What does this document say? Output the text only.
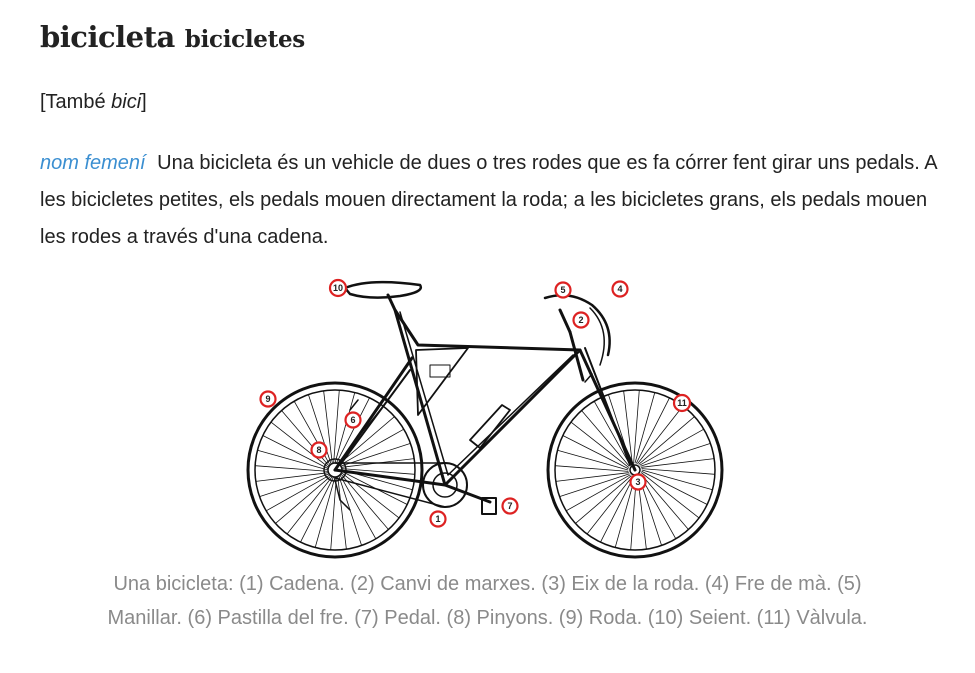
bicicleta bicicletes
[També bici]
nom femení Una bicicleta és un vehicle de dues o tres rodes que es fa córrer fent girar uns pedals. A les bicicletes petites, els pedals mouen directament la roda; a les bicicletes grans, els pedals mouen les rodes a través d'una cadena.
10	5	4
2
9
6
11
8
3
1
7
Una bicicleta: (1) Cadena. (2) Canvi de marxes. (3) Eix de la roda. (4) Fre de mà. (5) Manillar. (6) Pastilla del fre. (7) Pedal. (8) Pinyons. (9) Roda. (10) Seient. (11) Vàlvula.
